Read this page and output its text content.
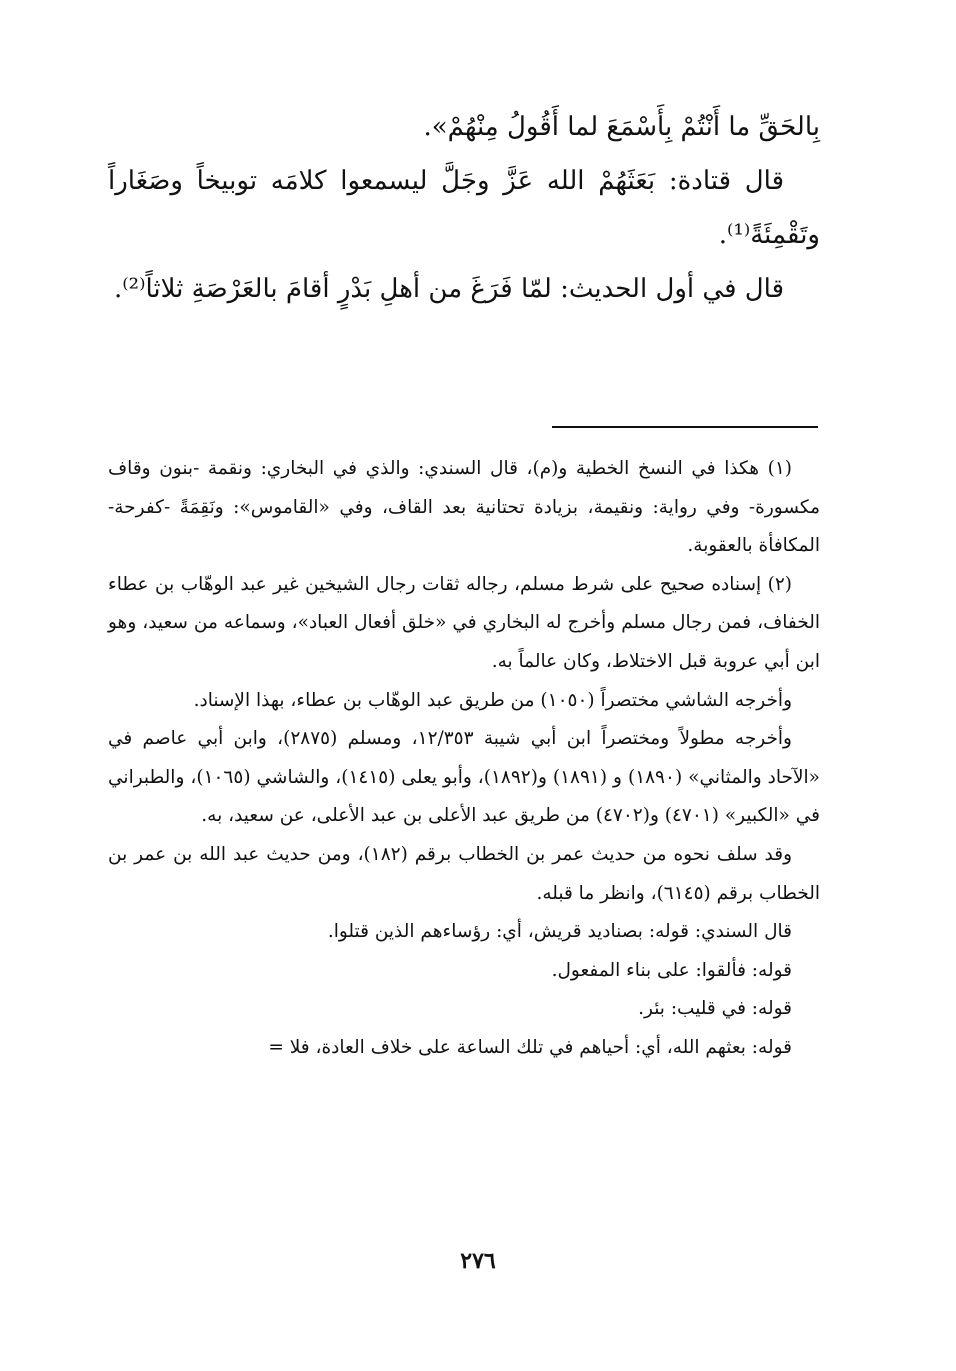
بِالحَقِّ ما أَنْتُمْ بِأَسْمَعَ لما أَقُولُ مِنْهُمْ».

قال قتادة: بَعَثَهُمْ الله عَزَّ وجَلَّ ليسمعوا كلامَه توبيخاً وصَغَاراً وتَقْمِئَةً⁽¹⁾.

قال في أول الحديث: لمّا فَرَغَ من أهلِ بَدْرٍ أقامَ بالعَرْصَةِ ثلاثاً⁽²⁾.

(١) هكذا في النسخ الخطية و(م)، قال السندي: والذي في البخاري: ونقمة -بنون وقاف مكسورة- وفي رواية: ونقيمة، بزيادة تحتانية بعد القاف، وفي «القاموس»: ونَقِمَةً -كفرحة- المكافأة بالعقوبة.

(٢) إسناده صحيح على شرط مسلم، رجاله ثقات رجال الشيخين غير عبد الوهّاب بن عطاء الخفاف، فمن رجال مسلم وأخرج له البخاري في «خلق أفعال العباد»، وسماعه من سعيد، وهو ابن أبي عروبة قبل الاختلاط، وكان عالماً به.

وأخرجه الشاشي مختصراً (١٠٥٠) من طريق عبد الوهّاب بن عطاء، بهذا الإسناد.

وأخرجه مطولاً ومختصراً ابن أبي شيبة ١٢/٣٥٣، ومسلم (٢٨٧٥)، وابن أبي عاصم في «الآحاد والمثاني» (١٨٩٠) و (١٨٩١) و(١٨٩٢)، وأبو يعلى (١٤١٥)، والشاشي (١٠٦٥)، والطبراني في «الكبير» (٤٧٠١) و(٤٧٠٢) من طريق عبد الأعلى بن عبد الأعلى، عن سعيد، به.

وقد سلف نحوه من حديث عمر بن الخطاب برقم (١٨٢)، ومن حديث عبد الله بن عمر بن الخطاب برقم (٦١٤٥)، وانظر ما قبله.

قال السندي: قوله: بصناديد قريش، أي: رؤساءهم الذين قتلوا.

قوله: فألقوا: على بناء المفعول.

قوله: في قليب: بئر.

قوله: بعثهم الله، أي: أحياهم في تلك الساعة على خلاف العادة، فلا =

٢٧٦
